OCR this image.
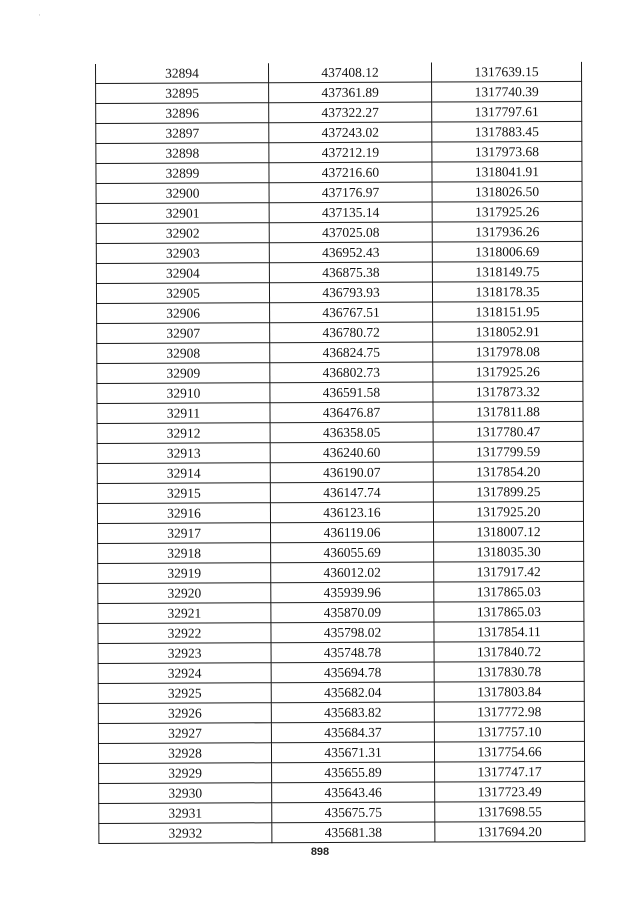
·
32894	437408.12	1317639.15
32895	437361.89	1317740.39
32896	437322.27	1317797.61
32897	437243.02	1317883.45
32898	437212.19	1317973.68
32899	437216.60	1318041.91
32900	437176.97	1318026.50
32901	437135.14	1317925.26
32902	437025.08	1317936.26
32903	436952.43	1318006.69
32904	436875.38	1318149.75
32905	436793.93	1318178.35
32906	436767.51	1318151.95
32907	436780.72	1318052.91
32908	436824.75	1317978.08
32909	436802.73	1317925.26
32910	436591.58	1317873.32
32911	436476.87	1317811.88
32912	436358.05	1317780.47
32913	436240.60	1317799.59
32914	436190.07	1317854.20
32915	436147.74	1317899.25
32916	436123.16	1317925.20
32917	436119.06	1318007.12
32918	436055.69	1318035.30
32919	436012.02	1317917.42
32920	435939.96	1317865.03
32921	435870.09	1317865.03
32922	435798.02	1317854.11
32923	435748.78	1317840.72
32924	435694.78	1317830.78
32925	435682.04	1317803.84
32926	435683.82	1317772.98
32927	435684.37	1317757.10
32928	435671.31	1317754.66
32929	435655.89	1317747.17
32930	435643.46	1317723.49
32931	435675.75	1317698.55
32932	435681.38	1317694.20
898
